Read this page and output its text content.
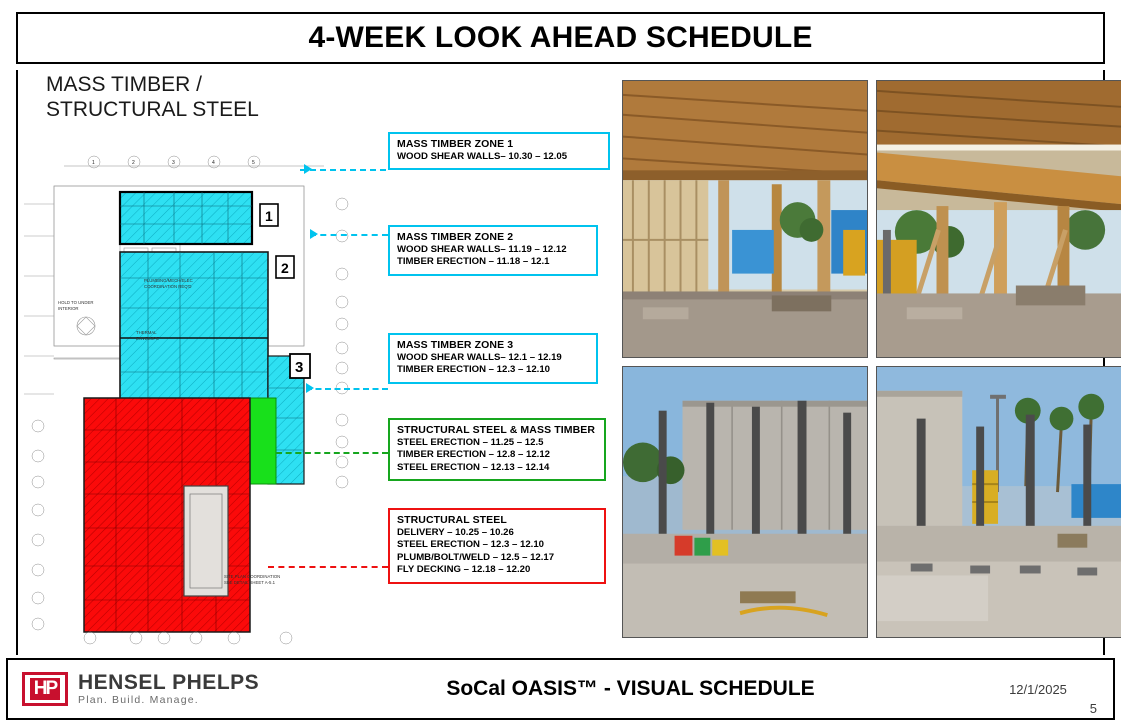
4-WEEK LOOK AHEAD SCHEDULE
MASS TIMBER /
STRUCTURAL STEEL
1	2	3	4	5
1
2
3
PLUMBING/MECH/ELEC
COORDINATION REQ'D
HOLD TO UNDER
INTERIOR
THERMAL
ENVELOPE
SITE PLAN COORDINATION
SEE DETAIL SHEET A-5.1
MASS TIMBER ZONE 1
WOOD SHEAR WALLS– 10.30 – 12.05
MASS TIMBER ZONE 2
WOOD SHEAR WALLS– 11.19 – 12.12
TIMBER ERECTION – 11.18 – 12.1
MASS TIMBER ZONE 3
WOOD SHEAR WALLS– 12.1 – 12.19
TIMBER ERECTION – 12.3 – 12.10
STRUCTURAL STEEL & MASS TIMBER
STEEL ERECTION – 11.25 – 12.5
TIMBER ERECTION – 12.8 – 12.12
STEEL ERECTION – 12.13 – 12.14
STRUCTURAL STEEL
DELIVERY – 10.25 – 10.26
STEEL ERECTION – 12.3 – 12.10
PLUMB/BOLT/WELD – 12.5 – 12.17
FLY DECKING – 12.18 – 12.20
HP HENSEL PHELPS
Plan. Build. Manage.	SoCal OASIS™ - VISUAL SCHEDULE	12/1/2025
5
